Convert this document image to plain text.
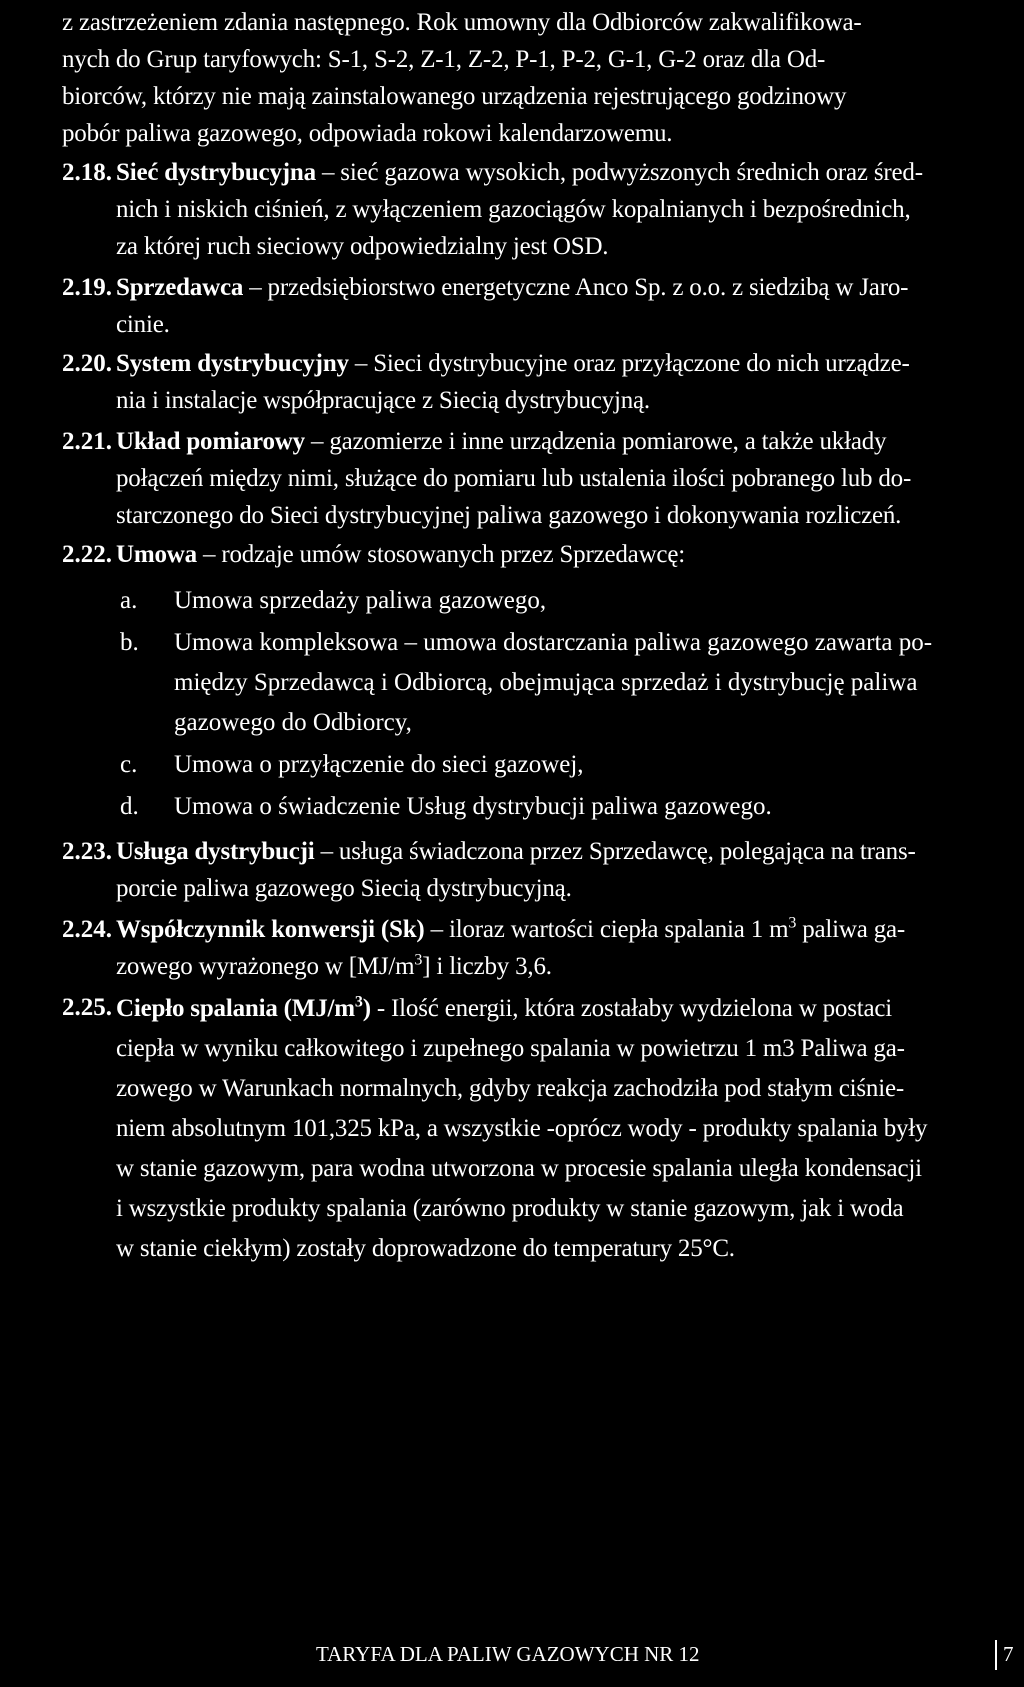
z zastrzeżeniem zdania następnego. Rok umowny dla Odbiorców zakwalifikowa-
nych do Grup taryfowych: S-1, S-2, Z-1, Z-2, P-1, P-2, G-1, G-2 oraz dla Od-
biorców, którzy nie mają zainstalowanego urządzenia rejestrującego godzinowy
pobór paliwa gazowego, odpowiada rokowi kalendarzowemu.
2.18. Sieć dystrybucyjna – sieć gazowa wysokich, podwyższonych średnich oraz śred-
nich i niskich ciśnień, z wyłączeniem gazociągów kopalnianych i bezpośrednich,
za której ruch sieciowy odpowiedzialny jest OSD.
2.19. Sprzedawca – przedsiębiorstwo energetyczne Anco Sp. z o.o. z siedzibą w Jaro-
cinie.
2.20. System dystrybucyjny – Sieci dystrybucyjne oraz przyłączone do nich urządze-
nia i instalacje współpracujące z Siecią dystrybucyjną.
2.21. Układ pomiarowy – gazomierze i inne urządzenia pomiarowe, a także układy
połączeń między nimi, służące do pomiaru lub ustalenia ilości pobranego lub do-
starczonego do Sieci dystrybucyjnej paliwa gazowego i dokonywania rozliczeń.
2.22. Umowa – rodzaje umów stosowanych przez Sprzedawcę:
a. Umowa sprzedaży paliwa gazowego,
b. Umowa kompleksowa – umowa dostarczania paliwa gazowego zawarta po-
między Sprzedawcą i Odbiorcą, obejmująca sprzedaż i dystrybucję paliwa
gazowego do Odbiorcy,
c. Umowa o przyłączenie do sieci gazowej,
d. Umowa o świadczenie Usług dystrybucji paliwa gazowego.
2.23. Usługa dystrybucji – usługa świadczona przez Sprzedawcę, polegająca na trans-
porcie paliwa gazowego Siecią dystrybucyjną.
2.24. Współczynnik konwersji (Sk) – iloraz wartości ciepła spalania 1 $m^3$ paliwa ga-
zowego wyrażonego w $[MJ/m^3]$ i liczby 3,6.
2.25. Ciepło spalania $(MJ/m^3)$ - Ilość energii, która zostałaby wydzielona w postaci
ciepła w wyniku całkowitego i zupełnego spalania w powietrzu 1 m3 Paliwa ga-
zowego w Warunkach normalnych, gdyby reakcja zachodziła pod stałym ciśnie-
niem absolutnym 101,325 kPa, a wszystkie -oprócz wody - produkty spalania były
w stanie gazowym, para wodna utworzona w procesie spalania uległa kondensacji
i wszystkie produkty spalania (zarówno produkty w stanie gazowym, jak i woda
w stanie ciekłym) zostały doprowadzone do temperatury 25°C.
TARYFA DLA PALIW GAZOWYCH NR 12	7
